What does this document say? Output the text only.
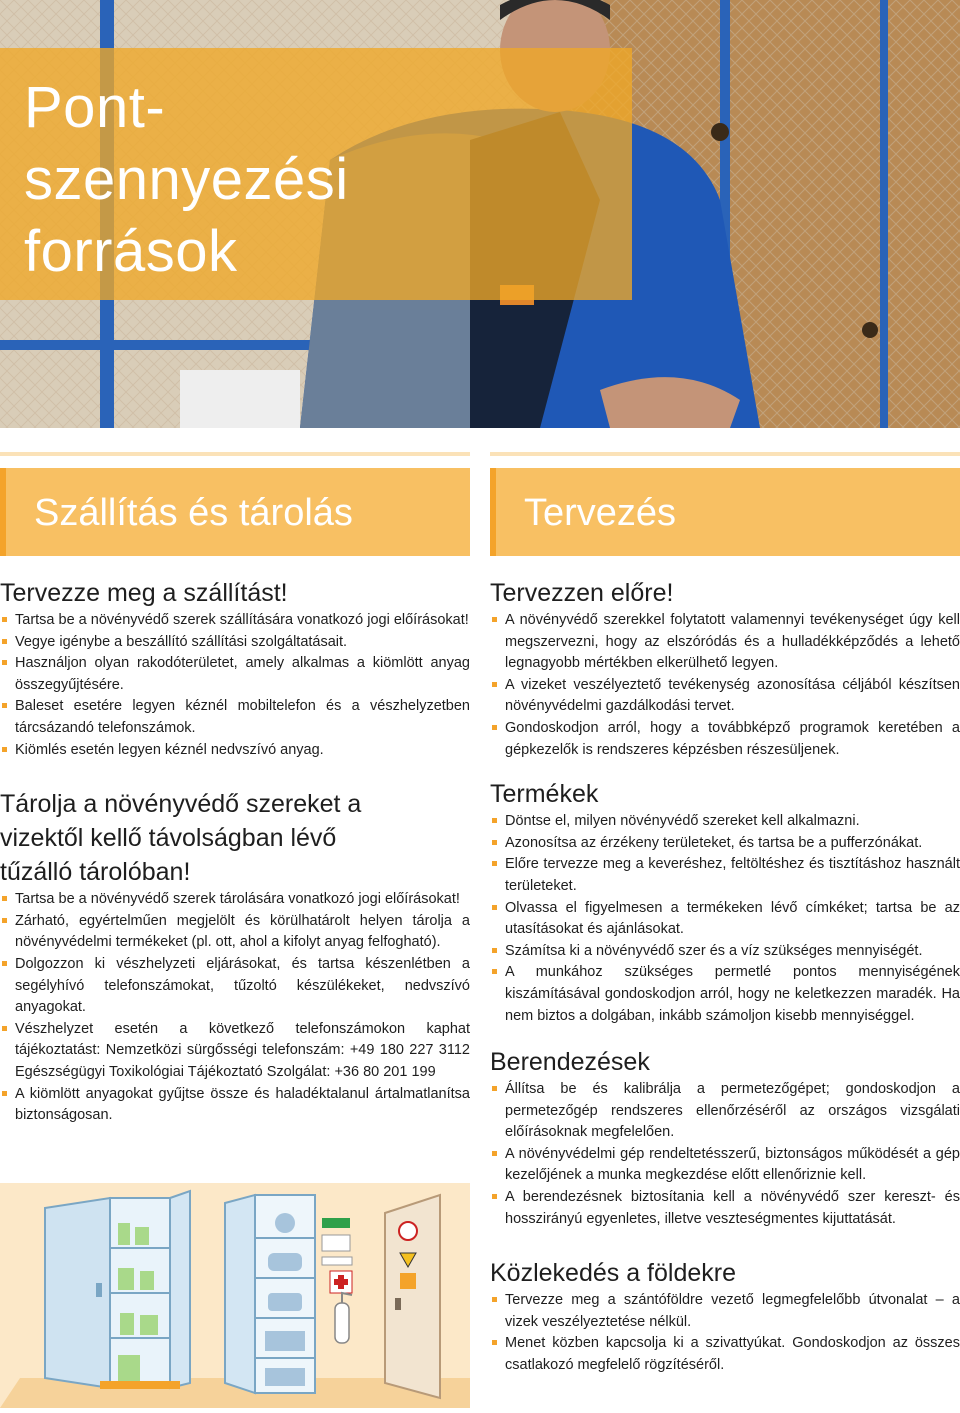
Pont-
szennyezési
források
Szállítás és tárolás	Tervezés
Tervezze meg a szállítást!
Tartsa be a növényvédő szerek szállítására vonatkozó jogi előírásokat!
Vegye igénybe a beszállító szállítási szolgáltatásait.
Használjon olyan rakodóterületet, amely alkalmas a kiömlött anyag összegyűjtésére.
Baleset esetére legyen kéznél mobiltelefon és a vészhelyzetben tárcsázandó telefonszámok.
Kiömlés esetén legyen kéznél nedvszívó anyag.
Tárolja a növényvédő szereket a vizektől kellő távolságban lévő tűzálló tárolóban!
Tartsa be a növényvédő szerek tárolására vonatkozó jogi előírásokat!
Zárható, egyértelműen megjelölt és körülhatárolt helyen tárolja a növényvédelmi termékeket (pl. ott, ahol a kifolyt anyag felfogható).
Dolgozzon ki vészhelyzeti eljárásokat, és tartsa készenlétben a segélyhívó telefonszámokat, tűzoltó készülékeket, nedvszívó anyagokat.
Vészhelyzet esetén a következő telefonszámokon kaphat tájékoztatást: Nemzetközi sürgősségi telefonszám: +49 180 227 3112 Egészségügyi Toxikológiai Tájékoztató Szolgálat: +36 80 201 199
A kiömlött anyagokat gyűjtse össze és haladéktalanul ártalmatlanítsa biztonságosan.
Tervezzen előre!
A növényvédő szerekkel folytatott valamennyi tevékenységet úgy kell megszervezni, hogy az elszóródás és a hulladékképződés a lehető legnagyobb mértékben elkerülhető legyen.
A vizeket veszélyeztető tevékenység azonosítása céljából készítsen növényvédelmi gazdálkodási tervet.
Gondoskodjon arról, hogy a továbbképző programok keretében a gépkezelők is rendszeres képzésben részesüljenek.
Termékek
Döntse el, milyen növényvédő szereket kell alkalmazni.
Azonosítsa az érzékeny területeket, és tartsa be a pufferzónákat.
Előre tervezze meg a keveréshez, feltöltéshez és tisztításhoz használt területeket.
Olvassa el figyelmesen a termékeken lévő címkéket; tartsa be az utasításokat és ajánlásokat.
Számítsa ki a növényvédő szer és a víz szükséges mennyiségét.
A munkához szükséges permetlé pontos mennyiségének kiszámításával gondoskodjon arról, hogy ne keletkezzen maradék. Ha nem biztos a dolgában, inkább számoljon kisebb mennyiséggel.
Berendezések
Állítsa be és kalibrálja a permetezőgépet; gondoskodjon a permetezőgép rendszeres ellenőrzéséről az országos vizsgálati előírásoknak megfelelően.
A növényvédelmi gép rendeltetésszerű, biztonságos működését a gép kezelőjének a munka megkezdése előtt ellenőriznie kell.
A berendezésnek biztosítania kell a növényvédő szer kereszt- és hosszirányú egyenletes, illetve veszteségmentes kijuttatását.
Közlekedés a földekre
Tervezze meg a szántóföldre vezető legmegfelelőbb útvonalat – a vizek veszélyeztetése nélkül.
Menet közben kapcsolja ki a szivattyúkat. Gondoskodjon az összes csatlakozó megfelelő rögzítéséről.
